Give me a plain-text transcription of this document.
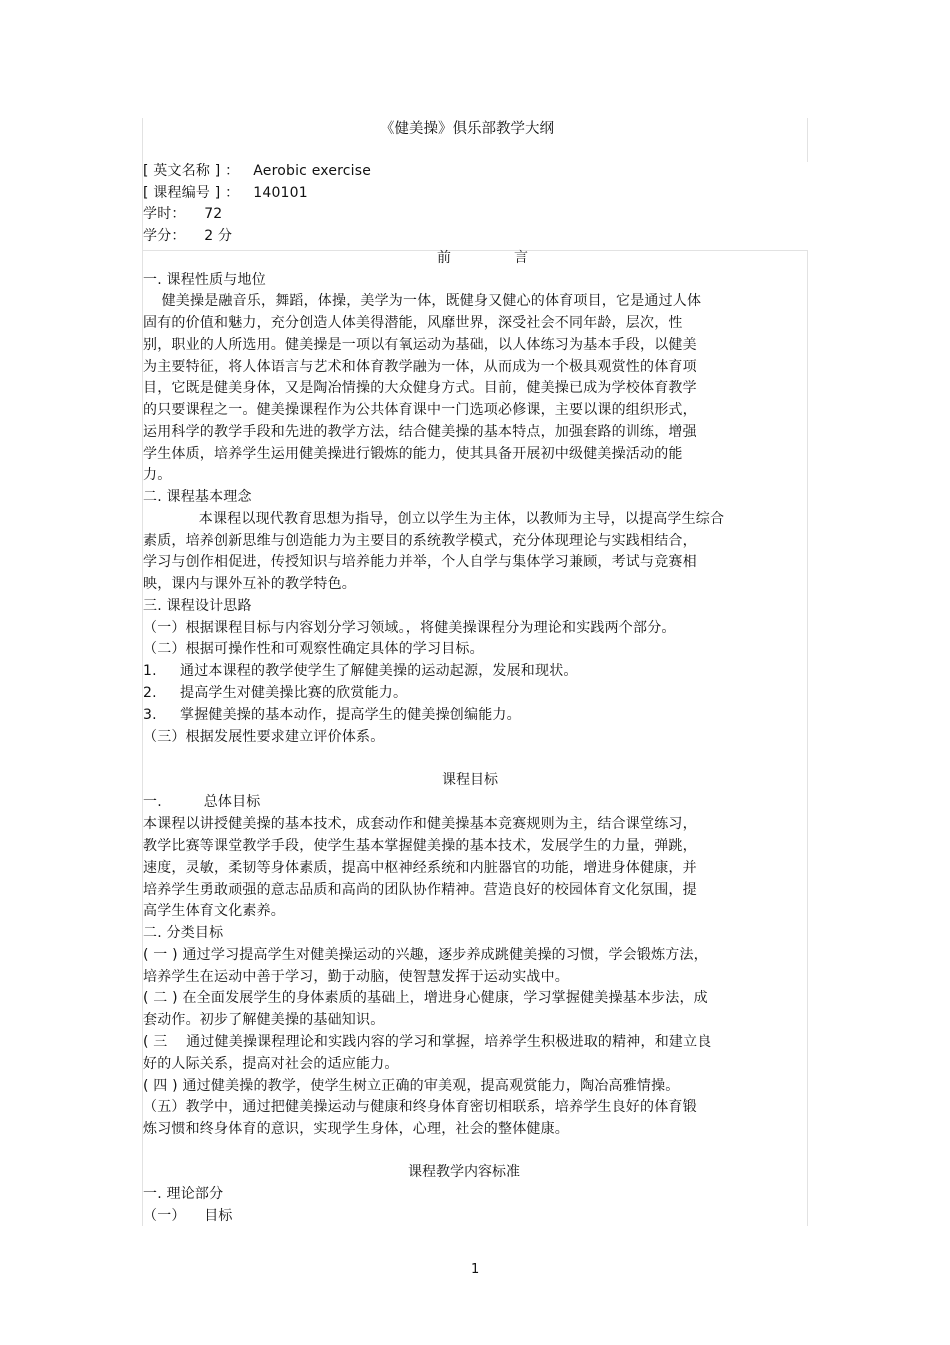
《健美操》俱乐部教学大纲
[ 英文名称 ] ：   Aerobic exercise
[ 课程编号 ] ：   140101
学时：    72
学分：    2 分
前	言
一. 课程性质与地位
健美操是融音乐，舞蹈，体操，美学为一体，既健身又健心的体育项目，它是通过人体
固有的价值和魅力，充分创造人体美得潜能，风靡世界，深受社会不同年龄，层次，性
别，职业的人所选用。健美操是一项以有氧运动为基础，以人体练习为基本手段，以健美
为主要特征，将人体语言与艺术和体育教学融为一体，从而成为一个极具观赏性的体育项
目，它既是健美身体，又是陶冶情操的大众健身方式。目前，健美操已成为学校体育教学
的只要课程之一。健美操课程作为公共体育课中一门选项必修课，主要以课的组织形式，
运用科学的教学手段和先进的教学方法，结合健美操的基本特点，加强套路的训练，增强
学生体质，培养学生运用健美操进行锻炼的能力，使其具备开展初中级健美操活动的能
力。
二. 课程基本理念
本课程以现代教育思想为指导，创立以学生为主体，以教师为主导，以提高学生综合
素质，培养创新思维与创造能力为主要目的系统教学模式，充分体现理论与实践相结合，
学习与创作相促进，传授知识与培养能力并举，个人自学与集体学习兼顾，考试与竞赛相
映，课内与课外互补的教学特色。
三. 课程设计思路
（一）根据课程目标与内容划分学习领域。，将健美操课程分为理论和实践两个部分。
（二）根据可操作性和可观察性确定具体的学习目标。
1.     通过本课程的教学使学生了解健美操的运动起源，发展和现状。
2.     提高学生对健美操比赛的欣赏能力。
3.     掌握健美操的基本动作，提高学生的健美操创编能力。
（三）根据发展性要求建立评价体系。
课程目标
一.         总体目标
本课程以讲授健美操的基本技术，成套动作和健美操基本竞赛规则为主，结合课堂练习，
教学比赛等课堂教学手段，使学生基本掌握健美操的基本技术，发展学生的力量，弹跳，
速度，灵敏，柔韧等身体素质，提高中枢神经系统和内脏器官的功能，增进身体健康，并
培养学生勇敢顽强的意志品质和高尚的团队协作精神。营造良好的校园体育文化氛围，提
高学生体育文化素养。
二. 分类目标
( 一 ) 通过学习提高学生对健美操运动的兴趣，逐步养成跳健美操的习惯，学会锻炼方法，
培养学生在运动中善于学习，勤于动脑，使智慧发挥于运动实战中。
( 二 ) 在全面发展学生的身体素质的基础上，增进身心健康，学习掌握健美操基本步法，成
套动作。初步了解健美操的基础知识。
( 三    通过健美操课程理论和实践内容的学习和掌握，培养学生积极进取的精神，和建立良
好的人际关系，提高对社会的适应能力。
( 四 ) 通过健美操的教学，使学生树立正确的审美观，提高观赏能力，陶冶高雅情操。
（五）教学中，通过把健美操运动与健康和终身体育密切相联系，培养学生良好的体育锻
炼习惯和终身体育的意识，实现学生身体，心理，社会的整体健康。
课程教学内容标准
一. 理论部分
（一）    目标
1
